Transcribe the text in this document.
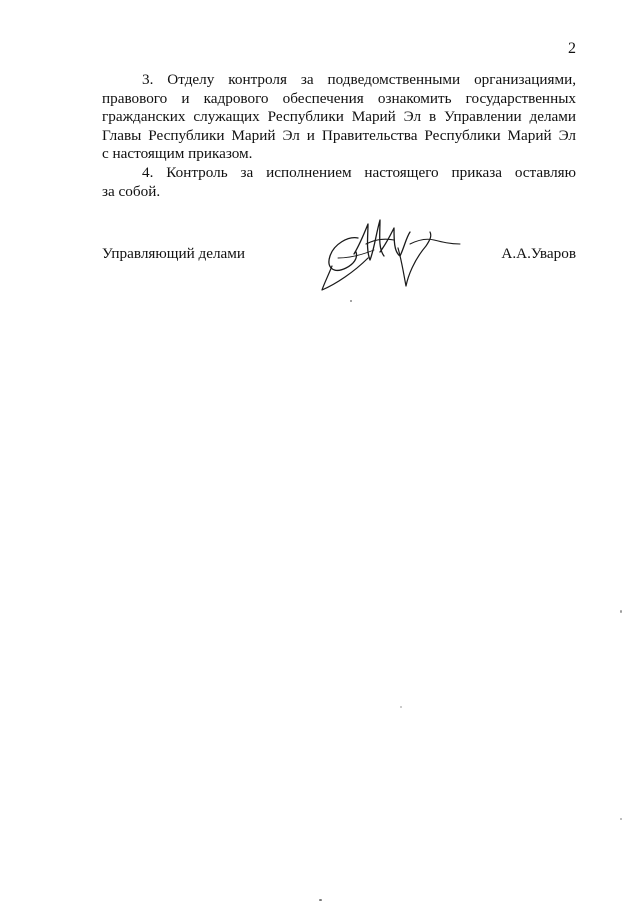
2

3. Отделу контроля за подведомственными организациями,
правового и кадрового обеспечения ознакомить государственных
гражданских служащих Республики Марий Эл в Управлении делами
Главы Республики Марий Эл и Правительства Республики Марий Эл
с настоящим приказом.

4. Контроль за исполнением настоящего приказа оставляю
за собой.

Управляющий делами	А.А.Уваров
